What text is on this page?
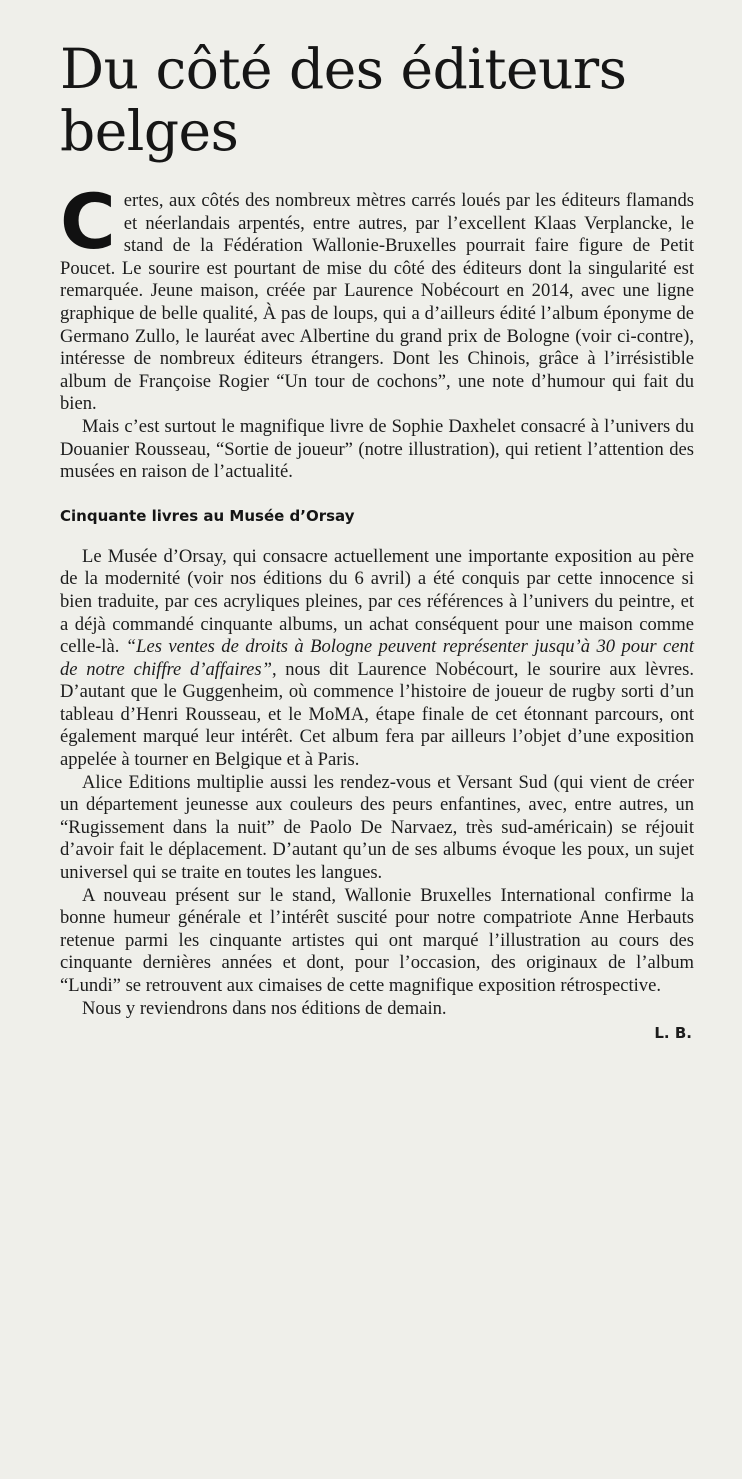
Du côté des éditeurs belges

Certes, aux côtés des nombreux mètres carrés loués par les éditeurs flamands et néerlandais arpentés, entre autres, par l’excellent Klaas Verplancke, le stand de la Fédération Wallonie-Bruxelles pourrait faire figure de Petit Poucet. Le sourire est pourtant de mise du côté des éditeurs dont la singularité est remarquée. Jeune maison, créée par Laurence Nobécourt en 2014, avec une ligne graphique de belle qualité, À pas de loups, qui a d’ailleurs édité l’album éponyme de Germano Zullo, le lauréat avec Albertine du grand prix de Bologne (voir ci-contre), intéresse de nombreux éditeurs étrangers. Dont les Chinois, grâce à l’irrésistible album de Françoise Rogier “Un tour de cochons”, une note d’humour qui fait du bien.

Mais c’est surtout le magnifique livre de Sophie Daxhelet consacré à l’univers du Douanier Rousseau, “Sortie de joueur” (notre illustration), qui retient l’attention des musées en raison de l’actualité.

Cinquante livres au Musée d’Orsay

Le Musée d’Orsay, qui consacre actuellement une importante exposition au père de la modernité (voir nos éditions du 6 avril) a été conquis par cette innocence si bien traduite, par ces acryliques pleines, par ces références à l’univers du peintre, et a déjà commandé cinquante albums, un achat conséquent pour une maison comme celle-là. “Les ventes de droits à Bologne peuvent représenter jusqu’à 30 pour cent de notre chiffre d’affaires”, nous dit Laurence Nobécourt, le sourire aux lèvres. D’autant que le Guggenheim, où commence l’histoire de joueur de rugby sorti d’un tableau d’Henri Rousseau, et le MoMA, étape finale de cet étonnant parcours, ont également marqué leur intérêt. Cet album fera par ailleurs l’objet d’une exposition appelée à tourner en Belgique et à Paris.

Alice Editions multiplie aussi les rendez-vous et Versant Sud (qui vient de créer un département jeunesse aux couleurs des peurs enfantines, avec, entre autres, un “Rugissement dans la nuit” de Paolo De Narvaez, très sud-américain) se réjouit d’avoir fait le déplacement. D’autant qu’un de ses albums évoque les poux, un sujet universel qui se traite en toutes les langues.

A nouveau présent sur le stand, Wallonie Bruxelles International confirme la bonne humeur générale et l’intérêt suscité pour notre compatriote Anne Herbauts retenue parmi les cinquante artistes qui ont marqué l’illustration au cours des cinquante dernières années et dont, pour l’occasion, des originaux de l’album “Lundi” se retrouvent aux cimaises de cette magnifique exposition rétrospective.

Nous y reviendrons dans nos éditions de demain.

L. B.
